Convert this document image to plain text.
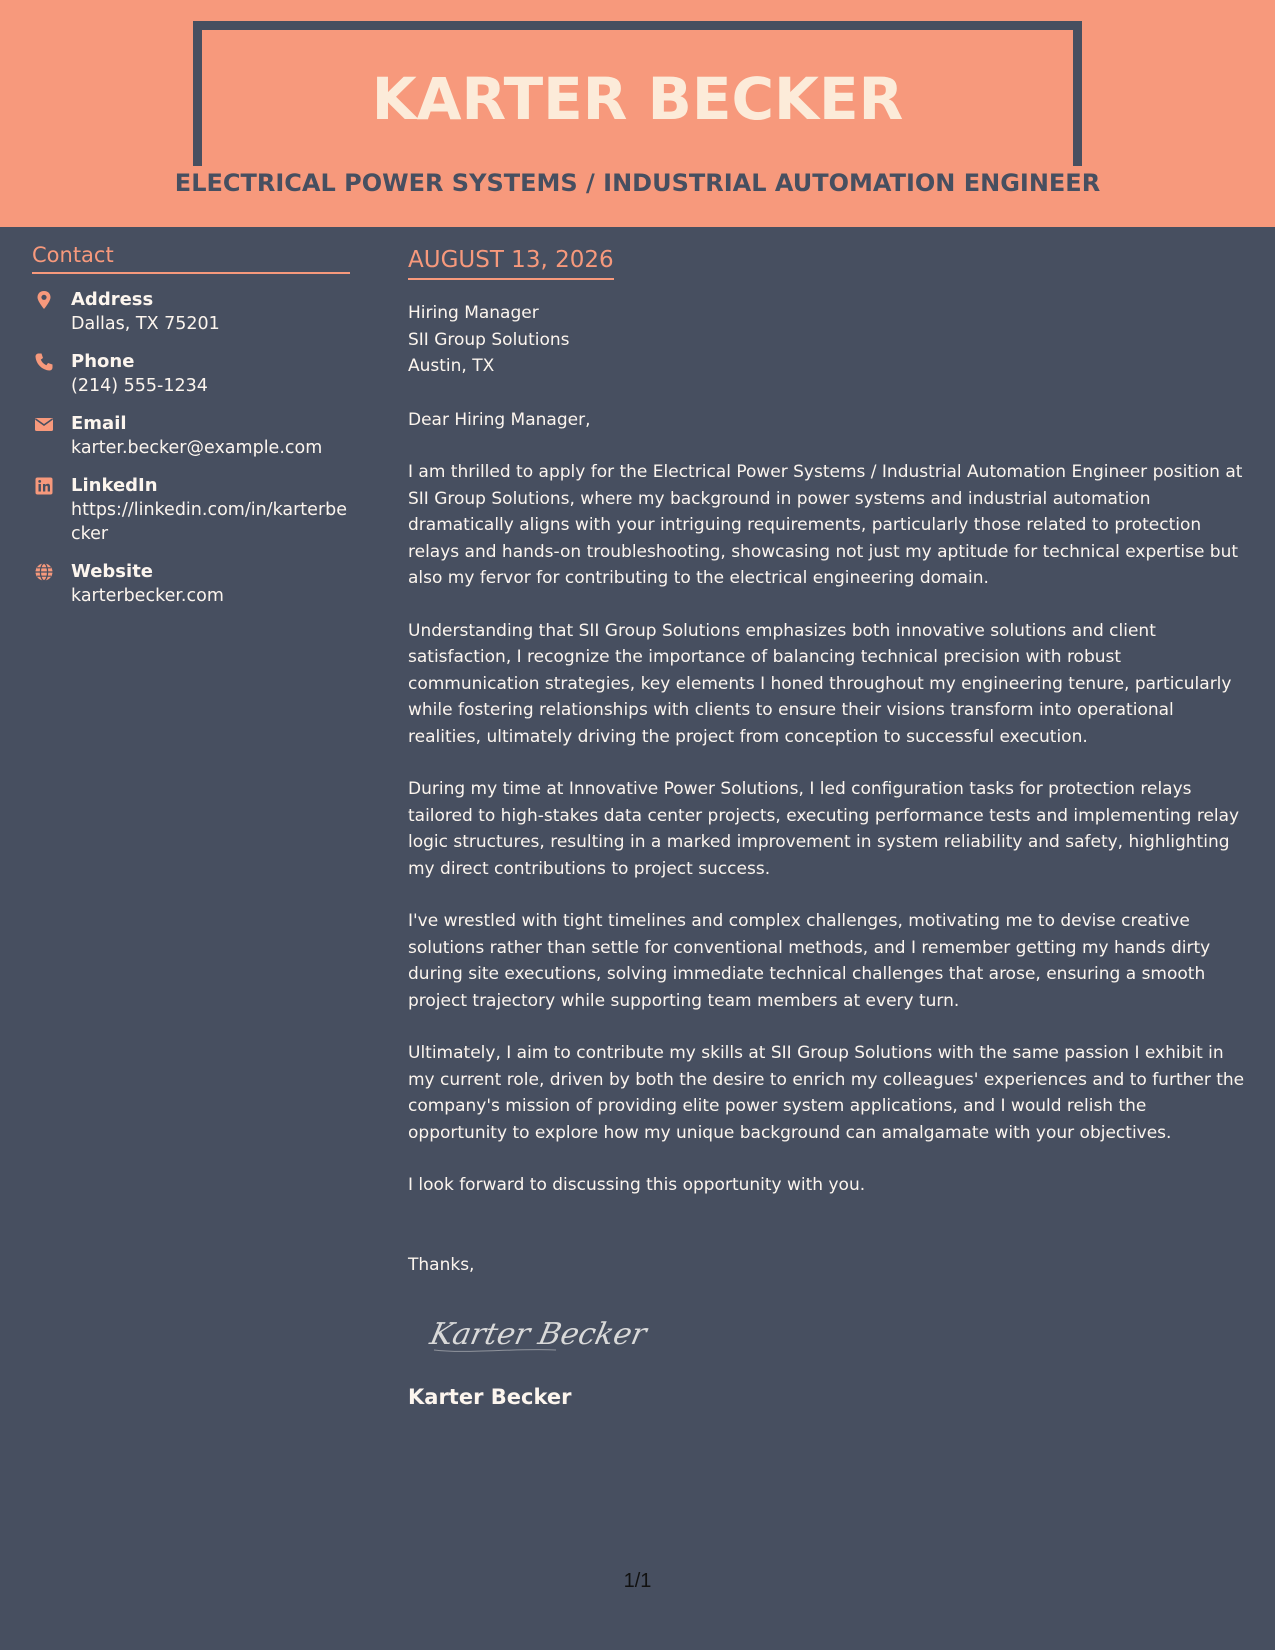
KARTER BECKER
ELECTRICAL POWER SYSTEMS / INDUSTRIAL AUTOMATION ENGINEER
Contact
Address
Dallas, TX 75201
Phone
(214) 555-1234
Email
karter.becker@example.com
LinkedIn
https://linkedin.com/in/karterbecker
Website
karterbecker.com
AUGUST 13, 2026
Hiring Manager
SII Group Solutions
Austin, TX
Dear Hiring Manager,
I am thrilled to apply for the Electrical Power Systems / Industrial Automation Engineer position at SII Group Solutions, where my background in power systems and industrial automation dramatically aligns with your intriguing requirements, particularly those related to protection relays and hands-on troubleshooting, showcasing not just my aptitude for technical expertise but also my fervor for contributing to the electrical engineering domain.
Understanding that SII Group Solutions emphasizes both innovative solutions and client satisfaction, I recognize the importance of balancing technical precision with robust communication strategies, key elements I honed throughout my engineering tenure, particularly while fostering relationships with clients to ensure their visions transform into operational realities, ultimately driving the project from conception to successful execution.
During my time at Innovative Power Solutions, I led configuration tasks for protection relays tailored to high-stakes data center projects, executing performance tests and implementing relay logic structures, resulting in a marked improvement in system reliability and safety, highlighting my direct contributions to project success.
I've wrestled with tight timelines and complex challenges, motivating me to devise creative solutions rather than settle for conventional methods, and I remember getting my hands dirty during site executions, solving immediate technical challenges that arose, ensuring a smooth project trajectory while supporting team members at every turn.
Ultimately, I aim to contribute my skills at SII Group Solutions with the same passion I exhibit in my current role, driven by both the desire to enrich my colleagues' experiences and to further the company's mission of providing elite power system applications, and I would relish the opportunity to explore how my unique background can amalgamate with your objectives.
I look forward to discussing this opportunity with you.
Thanks,
Karter Becker
Karter Becker
1/1
